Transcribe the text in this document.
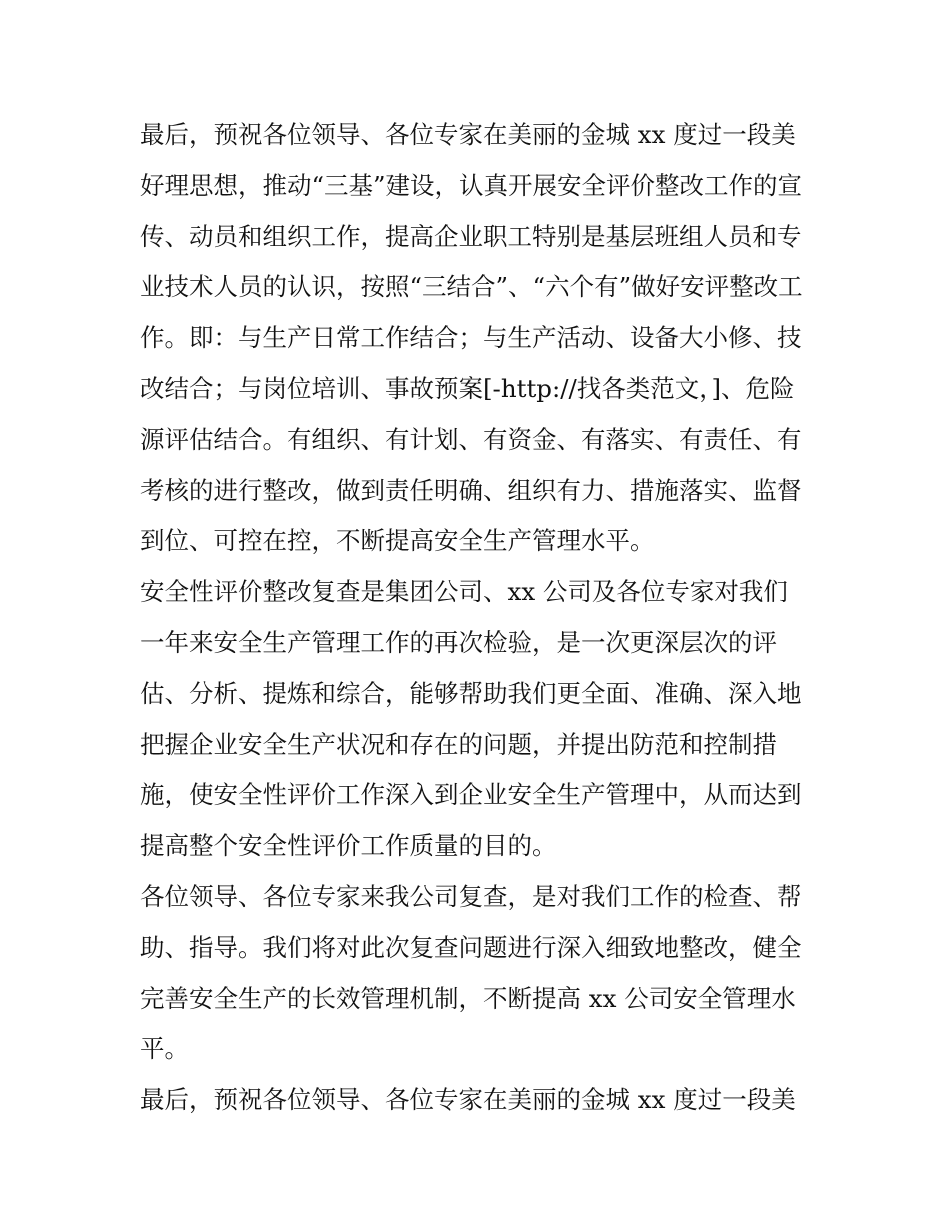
最后，预祝各位领导、各位专家在美丽的金城 xx 度过一段美
好理思想，推动“三基”建设，认真开展安全评价整改工作的宣
传、动员和组织工作，提高企业职工特别是基层班组人员和专
业技术人员的认识，按照“三结合”、“六个有”做好安评整改工
作。即：与生产日常工作结合；与生产活动、设备大小修、技
改结合；与岗位培训、事故预案[-http://找各类范文，]、危险
源评估结合。有组织、有计划、有资金、有落实、有责任、有
考核的进行整改，做到责任明确、组织有力、措施落实、监督
到位、可控在控，不断提高安全生产管理水平。

安全性评价整改复查是集团公司、xx 公司及各位专家对我们
一年来安全生产管理工作的再次检验，是一次更深层次的评
估、分析、提炼和综合，能够帮助我们更全面、准确、深入地
把握企业安全生产状况和存在的问题，并提出防范和控制措
施，使安全性评价工作深入到企业安全生产管理中，从而达到
提高整个安全性评价工作质量的目的。

各位领导、各位专家来我公司复查，是对我们工作的检查、帮
助、指导。我们将对此次复查问题进行深入细致地整改，健全
完善安全生产的长效管理机制，不断提高 xx 公司安全管理水
平。

最后，预祝各位领导、各位专家在美丽的金城 xx 度过一段美
